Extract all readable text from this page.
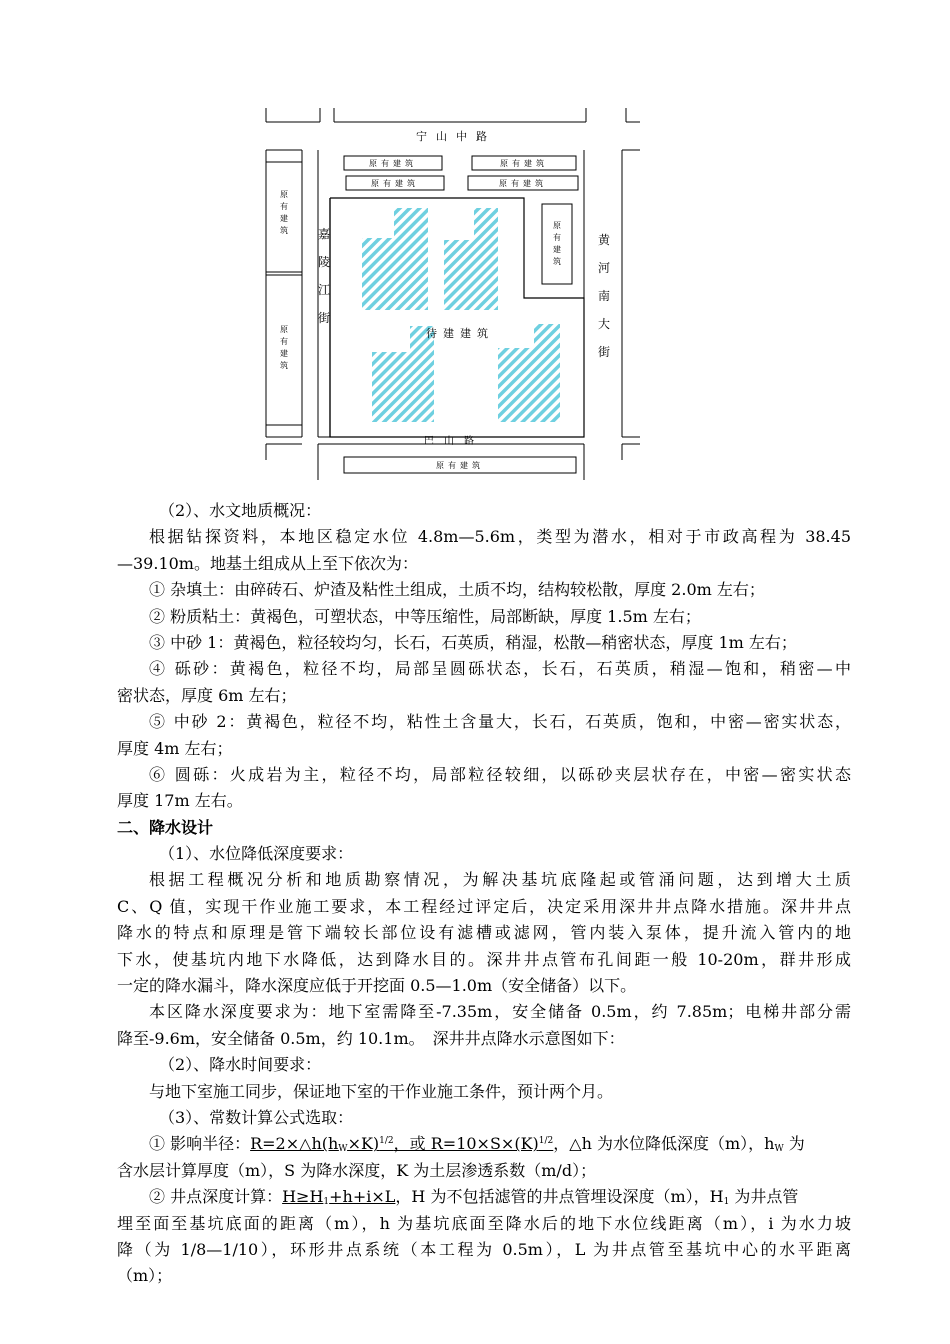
原有建筑
原有建筑
原有建筑
原有建筑
原有建筑
原有建筑
原有建筑
原有建筑
宁山中路
巴山路
嘉陵江街
黄河南大街
待建建筑
（2）、水文地质概况：
根据钻探资料，本地区稳定水位 4.8m—5.6m，类型为潜水，相对于市政高程为 38.45
—39.10m。地基土组成从上至下依次为：
① 杂填土：由碎砖石、炉渣及粘性土组成，土质不均，结构较松散，厚度 2.0m 左右；
② 粉质粘土：黄褐色，可塑状态，中等压缩性，局部断缺，厚度 1.5m 左右；
③ 中砂 1：黄褐色，粒径较均匀，长石，石英质，稍湿，松散—稍密状态，厚度 1m 左右；
④ 砾砂：黄褐色，粒径不均，局部呈圆砾状态，长石，石英质，稍湿—饱和，稍密—中
密状态，厚度 6m 左右；
⑤ 中砂 2：黄褐色，粒径不均，粘性土含量大，长石，石英质，饱和，中密—密实状态，
厚度 4m 左右；
⑥ 圆砾：火成岩为主，粒径不均，局部粒径较细，以砾砂夹层状存在，中密—密实状态
厚度 17m 左右。
二、降水设计
（1）、水位降低深度要求：
根据工程概况分析和地质勘察情况，为解决基坑底隆起或管涌问题，达到增大土质
C、Q 值，实现干作业施工要求，本工程经过评定后，决定采用深井井点降水措施。深井井点
降水的特点和原理是管下端较长部位设有滤槽或滤网，管内装入泵体，提升流入管内的地
下水，使基坑内地下水降低，达到降水目的。深井井点管布孔间距一般 10-20m，群井形成
一定的降水漏斗，降水深度应低于开挖面 0.5—1.0m（安全储备）以下。
本区降水深度要求为：地下室需降至-7.35m，安全储备 0.5m，约 7.85m；电梯井部分需
降至-9.6m，安全储备 0.5m，约 10.1m。　深井井点降水示意图如下：
（2）、降水时间要求：
与地下室施工同步，保证地下室的干作业施工条件，预计两个月。
（3）、常数计算公式选取：
① 影响半径：$R=2\times\triangle h(h_W\times K)^{1/2}$，或 $R=10\times S\times(K)^{1/2}$，△h 为水位降低深度（m），$h_W$ 为
含水层计算厚度（m），S 为降水深度，K 为土层渗透系数（m/d）；
② 井点深度计算：$H\ge H_1+h+i\times L$，H 为不包括滤管的井点管埋设深度（m），$H_1$ 为井点管
埋至面至基坑底面的距离（m），h 为基坑底面至降水后的地下水位线距离（m），i 为水力坡
降（为 1/8—1/10），环形井点系统（本工程为 0.5m），L 为井点管至基坑中心的水平距离
（m）；
